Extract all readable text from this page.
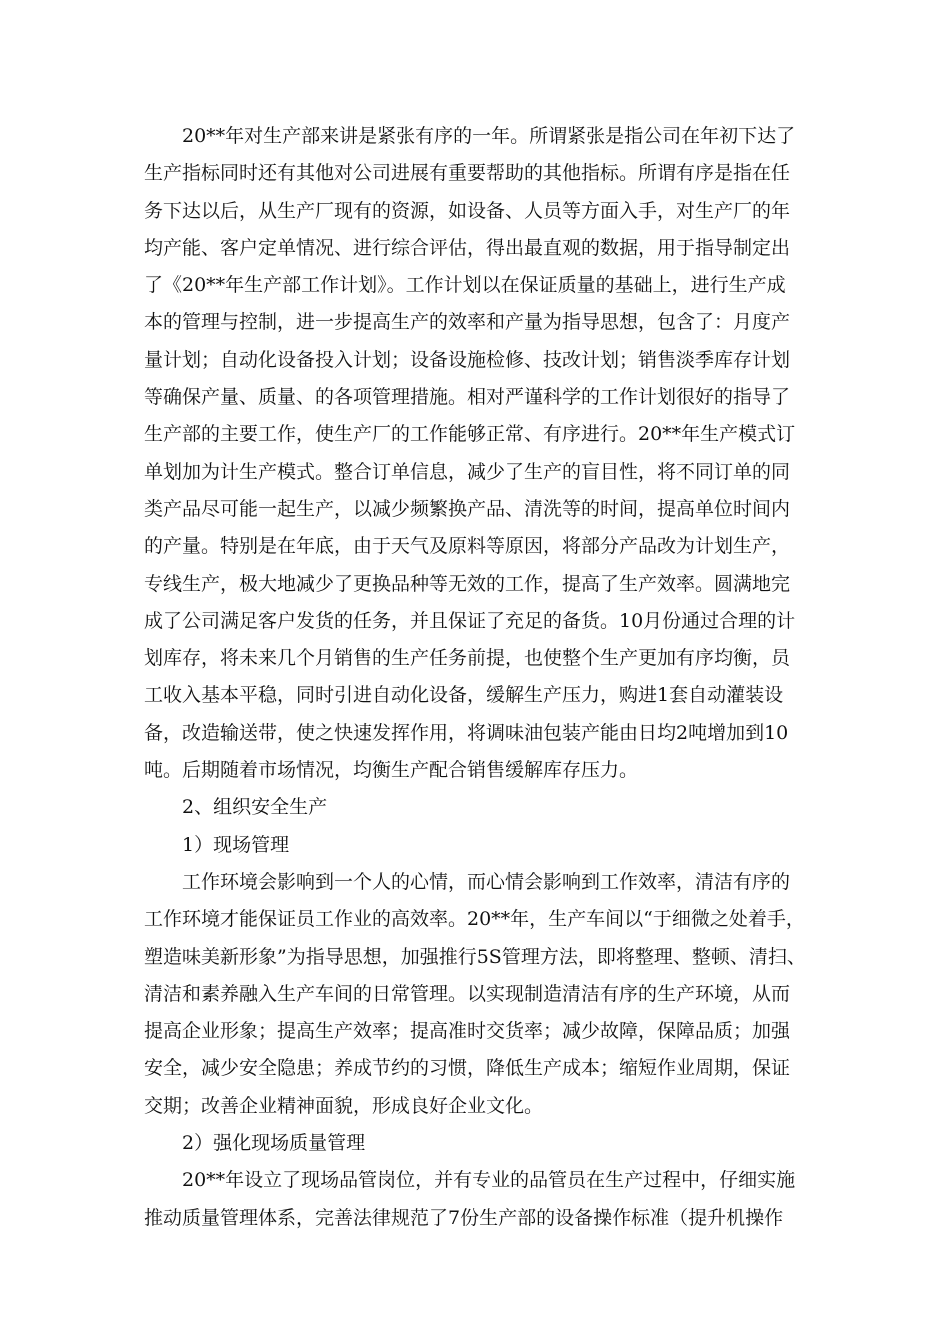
20**年对生产部来讲是紧张有序的一年。所谓紧张是指公司在年初下达了
生产指标同时还有其他对公司进展有重要帮助的其他指标。所谓有序是指在任
务下达以后，从生产厂现有的资源，如设备、人员等方面入手，对生产厂的年
均产能、客户定单情况、进行综合评估，得出最直观的数据，用于指导制定出
了《20**年生产部工作计划》。工作计划以在保证质量的基础上，进行生产成
本的管理与控制，进一步提高生产的效率和产量为指导思想，包含了：月度产
量计划；自动化设备投入计划；设备设施检修、技改计划；销售淡季库存计划
等确保产量、质量、的各项管理措施。相对严谨科学的工作计划很好的指导了
生产部的主要工作，使生产厂的工作能够正常、有序进行。20**年生产模式订
单划加为计生产模式。整合订单信息，减少了生产的盲目性，将不同订单的同
类产品尽可能一起生产，以减少频繁换产品、清洗等的时间，提高单位时间内
的产量。特别是在年底，由于天气及原料等原因，将部分产品改为计划生产，
专线生产，极大地减少了更换品种等无效的工作，提高了生产效率。圆满地完
成了公司满足客户发货的任务，并且保证了充足的备货。10月份通过合理的计
划库存，将未来几个月销售的生产任务前提，也使整个生产更加有序均衡，员
工收入基本平稳，同时引进自动化设备，缓解生产压力，购进1套自动灌装设
备，改造输送带，使之快速发挥作用，将调味油包装产能由日均2吨增加到10
吨。后期随着市场情况，均衡生产配合销售缓解库存压力。
2、组织安全生产
1）现场管理
工作环境会影响到一个人的心情，而心情会影响到工作效率，清洁有序的
工作环境才能保证员工作业的高效率。20**年，生产车间以“于细微之处着手，
塑造味美新形象”为指导思想，加强推行5S管理方法，即将整理、整顿、清扫、
清洁和素养融入生产车间的日常管理。以实现制造清洁有序的生产环境，从而
提高企业形象；提高生产效率；提高准时交货率；减少故障，保障品质；加强
安全，减少安全隐患；养成节约的习惯，降低生产成本；缩短作业周期，保证
交期；改善企业精神面貌，形成良好企业文化。
2）强化现场质量管理
20**年设立了现场品管岗位，并有专业的品管员在生产过程中，仔细实施
推动质量管理体系，完善法律规范了7份生产部的设备操作标准（提升机操作
